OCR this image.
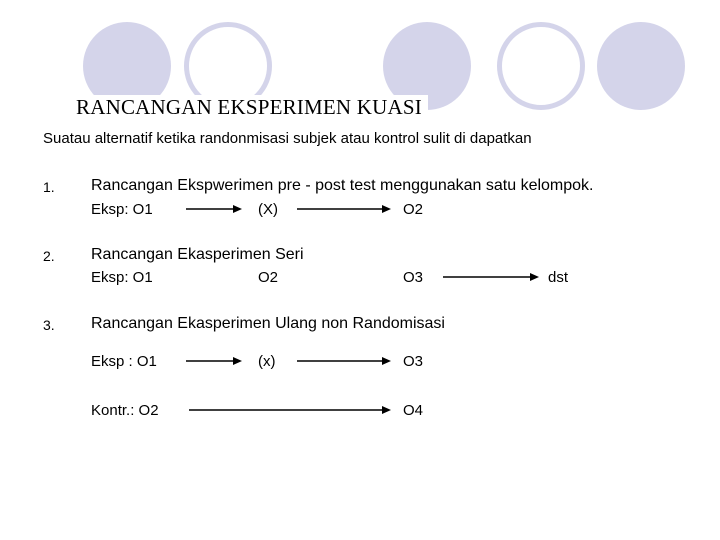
RANCANGAN EKSPERIMEN KUASI
Suatau alternatif ketika randonmisasi subjek atau kontrol sulit di dapatkan
1. Rancangan Ekspwerimen pre - post test menggunakan satu kelompok.
Eksp: O1	(X)	O2
2. Rancangan Ekasperimen Seri
Eksp: O1	O2	O3	dst
3. Rancangan Ekasperimen Ulang non Randomisasi
Eksp : O1	(x)	O3
Kontr.: O2	O4
